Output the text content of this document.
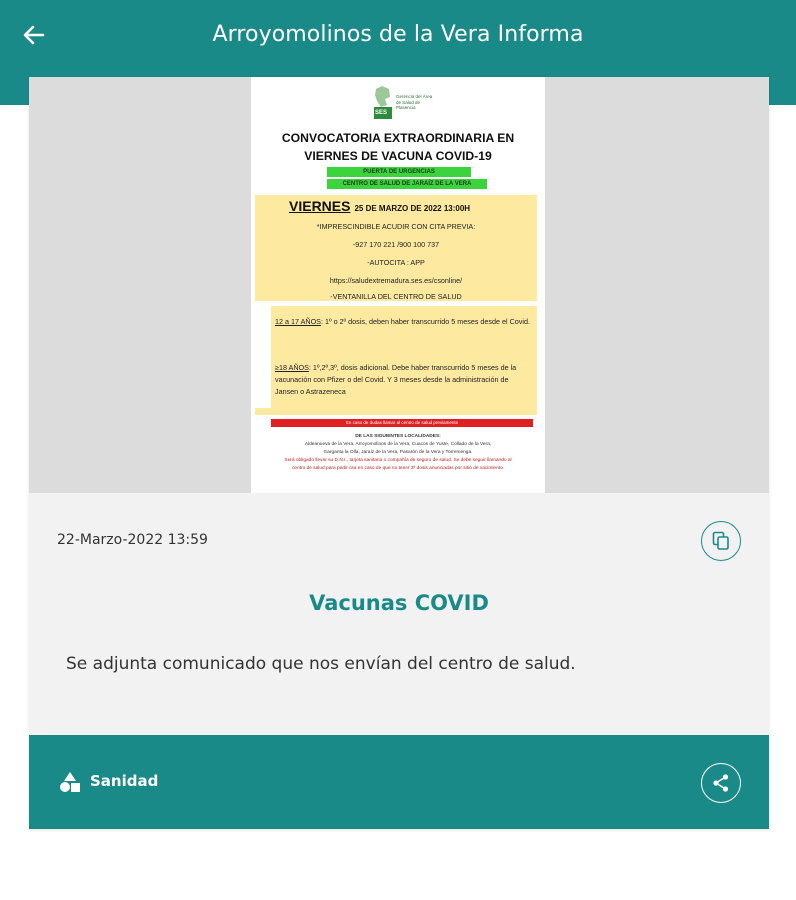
Arroyomolinos de la Vera Informa
SES
Gerencia del Área de Salud de Plasencia
CONVOCATORIA EXTRAORDINARIA EN
VIERNES DE VACUNA COVID-19
PUERTA DE URGENCIAS
CENTRO DE SALUD DE JARAÍZ DE LA VERA
VIERNES 25 DE MARZO DE 2022 13:00H
*IMPRESCINDIBLE ACUDIR CON CITA PREVIA:
-927 170 221 /900 100 737
-AUTOCITA : APP
https://saludextremadura.ses.es/csonline/
-VENTANILLA DEL CENTRO DE SALUD
12 a 17 AÑOS: 1º o 2º dosis, deben haber transcurrido 5 meses desde el Covid.
≥18 AÑOS: 1º,2º,3º, dosis adicional. Debe haber transcurrido 5 meses de la vacunación con Pfizer o del Covid. Y 3 meses desde la administración de Jansen o Astrazeneca
En caso de dudas llamar al centro de salud previamente
DE LAS SIGUIENTES LOCALIDADES:
Aldeanueva de la Vera, Arroyomolinos de la Vera, Cuacos de Yuste, Collado de la Vera,
Garganta la Olla, Jaraíz de la Vera, Pasarón de la Vera y Torremenga.
Será obligado llevar su D.N.I., tarjeta sanitaria o compañía de seguro de salud. Se debe seguir llamando al
centro de salud para pedir cita en caso de que no tener 3ª dosis anunciadas por sitio de vacimiento.
22-Marzo-2022 13:59
Vacunas COVID
Se adjunta comunicado que nos envían del centro de salud.
Sanidad
